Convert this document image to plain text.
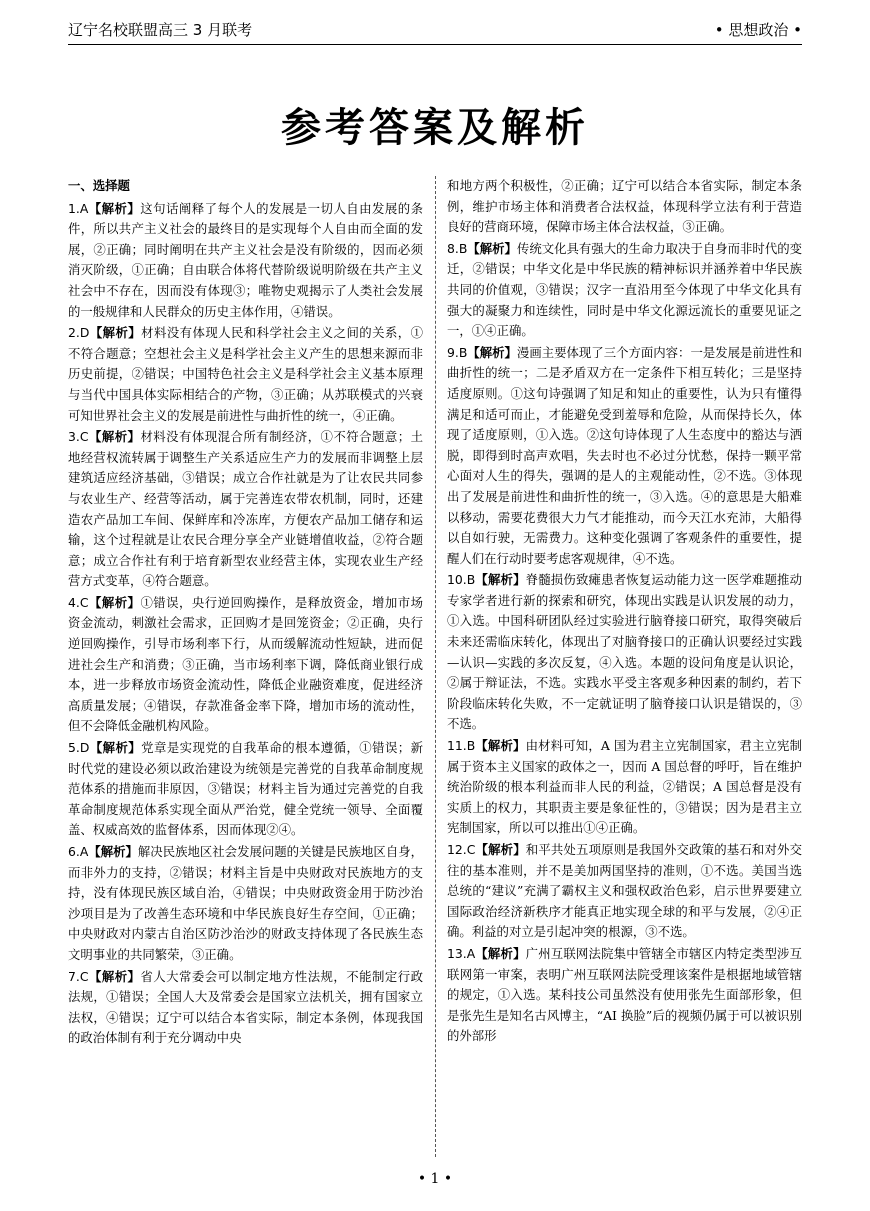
辽宁名校联盟高三 3 月联考	• 思想政治 •
参考答案及解析
一、选择题
1.A【解析】这句话阐释了每个人的发展是一切人自由发展的条件，所以共产主义社会的最终目的是实现每个人自由而全面的发展，②正确；同时阐明在共产主义社会是没有阶级的，因而必须消灭阶级，①正确；自由联合体将代替阶级说明阶级在共产主义社会中不存在，因而没有体现③；唯物史观揭示了人类社会发展的一般规律和人民群众的历史主体作用，④错误。
2.D【解析】材料没有体现人民和科学社会主义之间的关系，①不符合题意；空想社会主义是科学社会主义产生的思想来源而非历史前提，②错误；中国特色社会主义是科学社会主义基本原理与当代中国具体实际相结合的产物，③正确；从苏联模式的兴衰可知世界社会主义的发展是前进性与曲折性的统一，④正确。
3.C【解析】材料没有体现混合所有制经济，①不符合题意；土地经营权流转属于调整生产关系适应生产力的发展而非调整上层建筑适应经济基础，③错误；成立合作社就是为了让农民共同参与农业生产、经营等活动，属于完善连农带农机制，同时，还建造农产品加工车间、保鲜库和冷冻库，方便农产品加工储存和运输，这个过程就是让农民合理分享全产业链增值收益，②符合题意；成立合作社有利于培育新型农业经营主体，实现农业生产经营方式变革，④符合题意。
4.C【解析】①错误，央行逆回购操作，是释放资金，增加市场资金流动，刺激社会需求，正回购才是回笼资金；②正确，央行逆回购操作，引导市场利率下行，从而缓解流动性短缺，进而促进社会生产和消费；③正确，当市场利率下调，降低商业银行成本，进一步释放市场资金流动性，降低企业融资难度，促进经济高质量发展；④错误，存款准备金率下降，增加市场的流动性，但不会降低金融机构风险。
5.D【解析】党章是实现党的自我革命的根本遵循，①错误；新时代党的建设必须以政治建设为统领是完善党的自我革命制度规范体系的措施而非原因，③错误；材料主旨为通过完善党的自我革命制度规范体系实现全面从严治党，健全党统一领导、全面覆盖、权威高效的监督体系，因而体现②④。
6.A【解析】解决民族地区社会发展问题的关键是民族地区自身，而非外力的支持，②错误；材料主旨是中央财政对民族地方的支持，没有体现民族区域自治，④错误；中央财政资金用于防沙治沙项目是为了改善生态环境和中华民族良好生存空间，①正确；中央财政对内蒙古自治区防沙治沙的财政支持体现了各民族生态文明事业的共同繁荣，③正确。
7.C【解析】省人大常委会可以制定地方性法规，不能制定行政法规，①错误；全国人大及常委会是国家立法机关，拥有国家立法权，④错误；辽宁可以结合本省实际，制定本条例，体现我国的政治体制有利于充分调动中央
和地方两个积极性，②正确；辽宁可以结合本省实际，制定本条例，维护市场主体和消费者合法权益，体现科学立法有利于营造良好的营商环境，保障市场主体合法权益，③正确。
8.B【解析】传统文化具有强大的生命力取决于自身而非时代的变迁，②错误；中华文化是中华民族的精神标识并涵养着中华民族共同的价值观，③错误；汉字一直沿用至今体现了中华文化具有强大的凝聚力和连续性，同时是中华文化源远流长的重要见证之一，①④正确。
9.B【解析】漫画主要体现了三个方面内容：一是发展是前进性和曲折性的统一；二是矛盾双方在一定条件下相互转化；三是坚持适度原则。①这句诗强调了知足和知止的重要性，认为只有懂得满足和适可而止，才能避免受到羞辱和危险，从而保持长久，体现了适度原则，①入选。②这句诗体现了人生态度中的豁达与洒脱，即得到时高声欢唱，失去时也不必过分忧愁，保持一颗平常心面对人生的得失，强调的是人的主观能动性，②不选。③体现出了发展是前进性和曲折性的统一，③入选。④的意思是大船难以移动，需要花费很大力气才能推动，而今天江水充沛，大船得以自如行驶，无需费力。这种变化强调了客观条件的重要性，提醒人们在行动时要考虑客观规律，④不选。
10.B【解析】脊髓损伤致瘫患者恢复运动能力这一医学难题推动专家学者进行新的探索和研究，体现出实践是认识发展的动力，①入选。中国科研团队经过实验进行脑脊接口研究，取得突破后未来还需临床转化，体现出了对脑脊接口的正确认识要经过实践—认识—实践的多次反复，④入选。本题的设问角度是认识论，②属于辩证法，不选。实践水平受主客观多种因素的制约，若下阶段临床转化失败，不一定就证明了脑脊接口认识是错误的，③不选。
11.B【解析】由材料可知，A 国为君主立宪制国家，君主立宪制属于资本主义国家的政体之一，因而 A 国总督的呼吁，旨在维护统治阶级的根本利益而非人民的利益，②错误；A 国总督是没有实质上的权力，其职责主要是象征性的，③错误；因为是君主立宪制国家，所以可以推出①④正确。
12.C【解析】和平共处五项原则是我国外交政策的基石和对外交往的基本准则，并不是美加两国坚持的准则，①不选。美国当选总统的“建议”充满了霸权主义和强权政治色彩，启示世界要建立国际政治经济新秩序才能真正地实现全球的和平与发展，②④正确。利益的对立是引起冲突的根源，③不选。
13.A【解析】广州互联网法院集中管辖全市辖区内特定类型涉互联网第一审案，表明广州互联网法院受理该案件是根据地域管辖的规定，①入选。某科技公司虽然没有使用张先生面部形象，但是张先生是知名古风博主，“AI 换脸”后的视频仍属于可以被识别的外部形
• 1 •
